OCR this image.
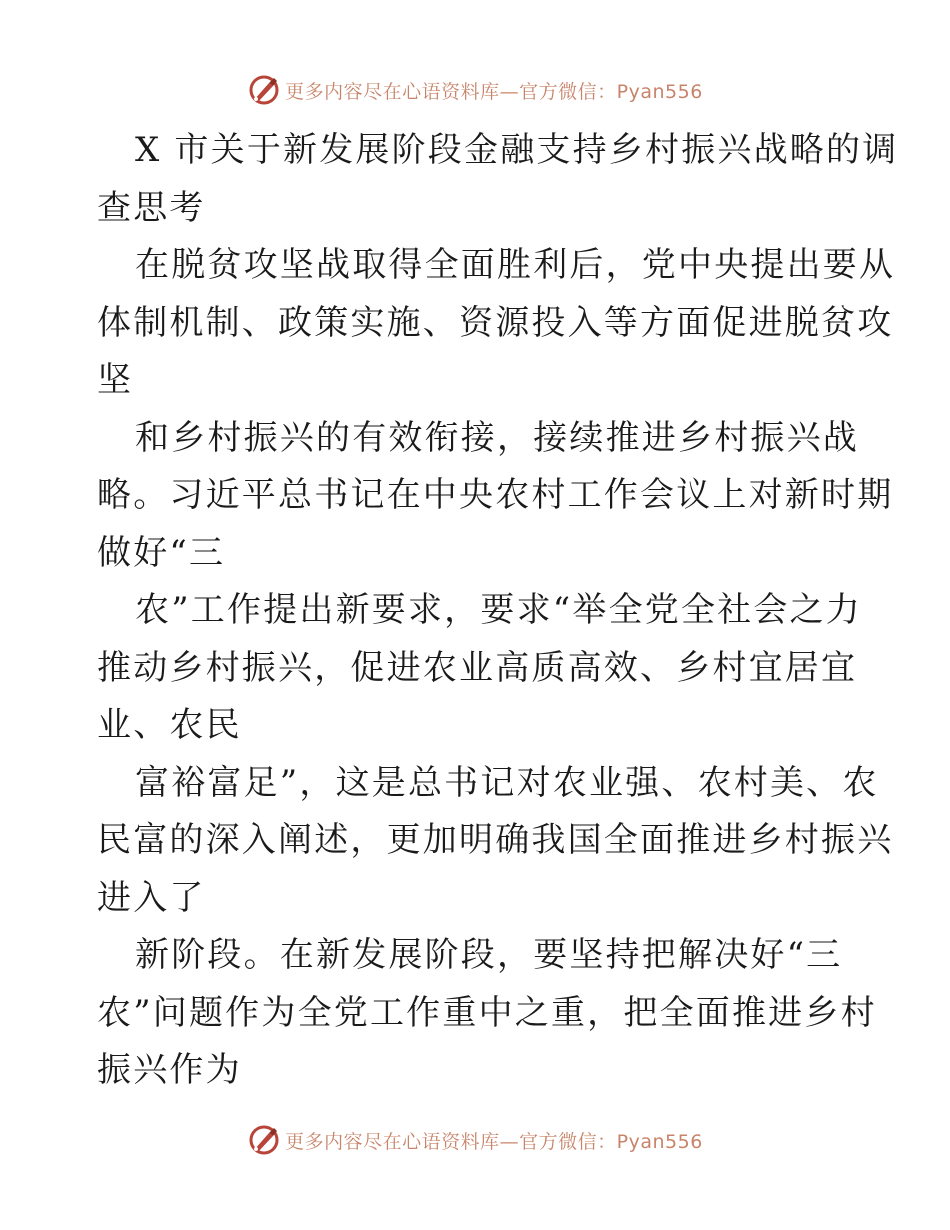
更多内容尽在心语资料库—官方微信：Pyan556
X 市关于新发展阶段金融支持乡村振兴战略的调
查思考
在脱贫攻坚战取得全面胜利后，党中央提出要从
体制机制、政策实施、资源投入等方面促进脱贫攻
坚
和乡村振兴的有效衔接，接续推进乡村振兴战
略。习近平总书记在中央农村工作会议上对新时期
做好“三
农”工作提出新要求，要求“举全党全社会之力
推动乡村振兴，促进农业高质高效、乡村宜居宜
业、农民
富裕富足”，这是总书记对农业强、农村美、农
民富的深入阐述，更加明确我国全面推进乡村振兴
进入了
新阶段。在新发展阶段，要坚持把解决好“三
农”问题作为全党工作重中之重，把全面推进乡村
振兴作为
更多内容尽在心语资料库—官方微信：Pyan556
